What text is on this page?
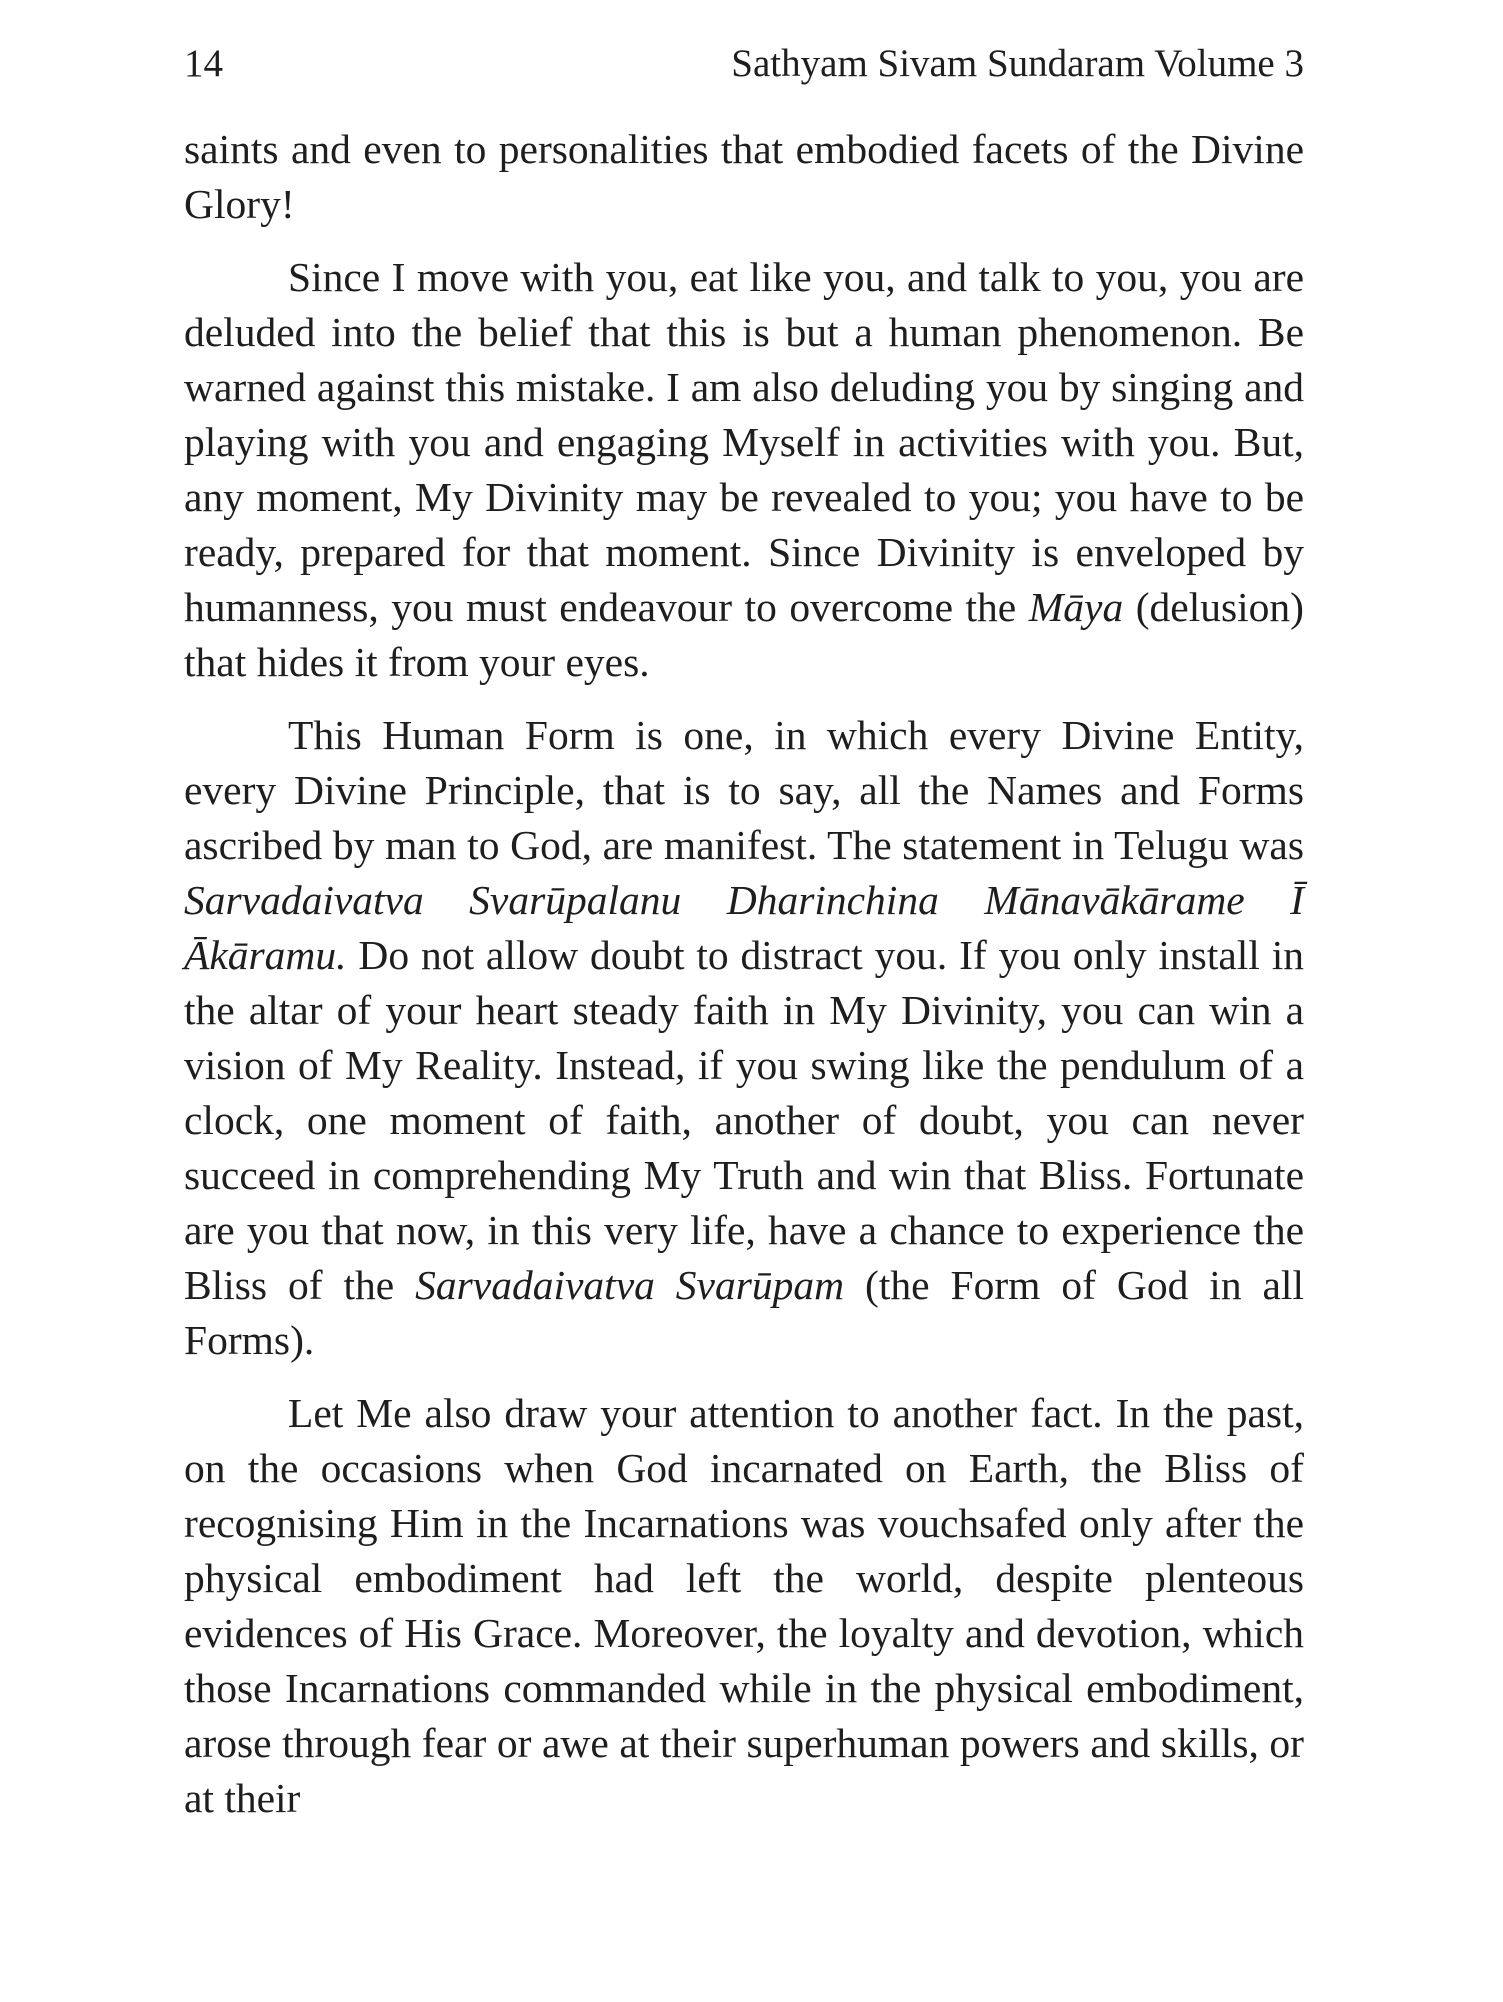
14	Sathyam Sivam Sundaram Volume 3

saints and even to personalities that embodied facets of the Divine Glory!

Since I move with you, eat like you, and talk to you, you are deluded into the belief that this is but a human phenomenon. Be warned against this mistake. I am also deluding you by singing and playing with you and engaging Myself in activities with you. But, any moment, My Divinity may be revealed to you; you have to be ready, prepared for that moment. Since Divinity is enveloped by humanness, you must endeavour to overcome the Māya (delusion) that hides it from your eyes.

This Human Form is one, in which every Divine Entity, every Divine Principle, that is to say, all the Names and Forms ascribed by man to God, are manifest. The statement in Telugu was Sarvadaivatva Svarūpalanu Dharinchina Mānavākārame Ī Ākāramu. Do not allow doubt to distract you. If you only install in the altar of your heart steady faith in My Divinity, you can win a vision of My Reality. Instead, if you swing like the pendulum of a clock, one moment of faith, another of doubt, you can never succeed in comprehending My Truth and win that Bliss. Fortunate are you that now, in this very life, have a chance to experience the Bliss of the Sarvadaivatva Svarūpam (the Form of God in all Forms).

Let Me also draw your attention to another fact. In the past, on the occasions when God incarnated on Earth, the Bliss of recognising Him in the Incarnations was vouchsafed only after the physical embodiment had left the world, despite plenteous evidences of His Grace. Moreover, the loyalty and devotion, which those Incarnations commanded while in the physical embodiment, arose through fear or awe at their superhuman powers and skills, or at their
